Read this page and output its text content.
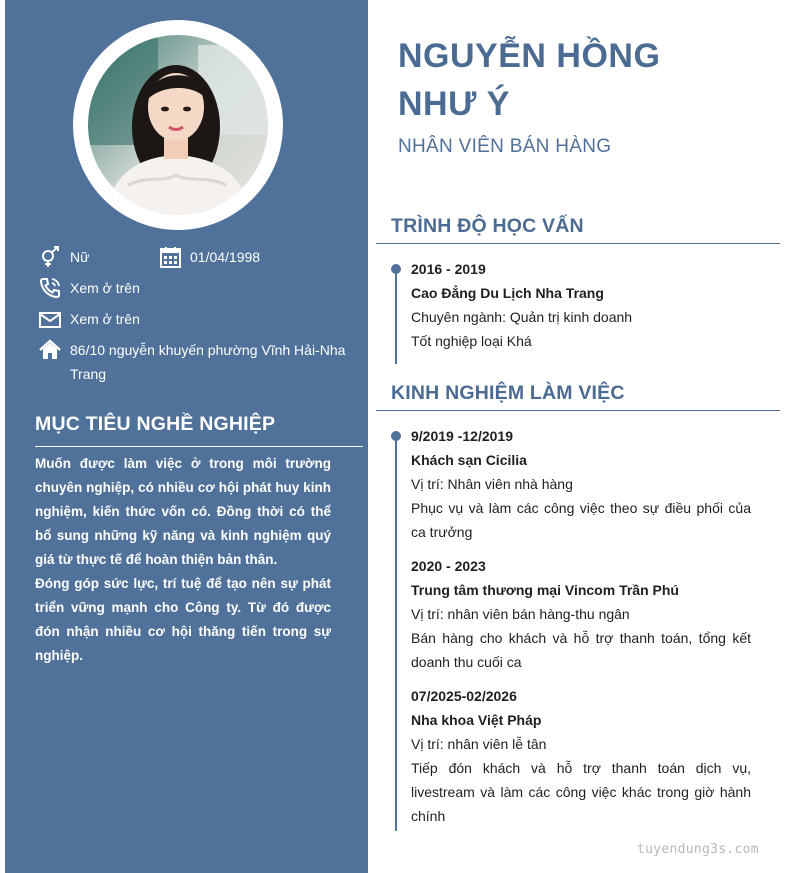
Nữ	01/04/1998
Xem ở trên
Xem ở trên
86/10 nguyễn khuyến phường Vĩnh Hải-Nha Trang
MỤC TIÊU NGHỀ NGHIỆP

Muốn được làm việc ở trong môi trường chuyên nghiệp, có nhiều cơ hội phát huy kinh nghiệm, kiến thức vốn có. Đồng thời có thể bổ sung những kỹ năng và kinh nghiệm quý giá từ thực tế để hoàn thiện bản thân.

Đóng góp sức lực, trí tuệ để tạo nên sự phát triển vững mạnh cho Công ty. Từ đó được đón nhận nhiều cơ hội thăng tiến trong sự nghiệp.

NGUYỄN HỒNG
NHƯ Ý
NHÂN VIÊN BÁN HÀNG
TRÌNH ĐỘ HỌC VẤN
2016 - 2019
Cao Đẳng Du Lịch Nha Trang
Chuyên ngành: Quản trị kinh doanh
Tốt nghiệp loại Khá
KINH NGHIỆM LÀM VIỆC
9/2019 -12/2019
Khách sạn Cicilia
Vị trí: Nhân viên nhà hàng
Phục vụ và làm các công việc theo sự điều phối của ca trưởng
2020 - 2023
Trung tâm thương mại Vincom Trần Phú
Vị trí: nhân viên bán hàng-thu ngân
Bán hàng cho khách và hỗ trợ thanh toán, tổng kết doanh thu cuối ca
07/2025-02/2026
Nha khoa Việt Pháp
Vị trí: nhân viên lễ tân
Tiếp đón khách và hỗ trợ thanh toán dịch vụ, livestream và làm các công việc khác trong giờ hành chính
tuyendung3s.com
